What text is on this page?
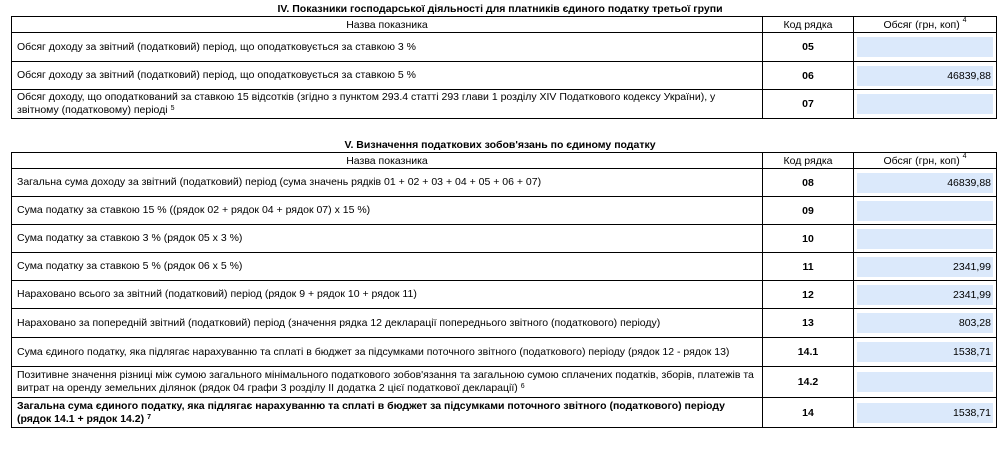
IV. Показники господарської діяльності для платників єдиного податку третьої групи
Назва показника	Код рядка	Обсяг (грн, коп) $^4$
Обсяг доходу за звітний (податковий) період, що оподатковується за ставкою 3 %	05	

Обсяг доходу за звітний (податковий) період, що оподатковується за ставкою 5 %	06	46839,88

Обсяг доходу, що оподаткований за ставкою 15 відсотків (згідно з пунктом 293.4 статті 293 глави 1 розділу XIV Податкового кодексу України), у звітному (податковому) періоді $^5$	07	
V. Визначення податкових зобов'язань по єдиному податку
Назва показника	Код рядка	Обсяг (грн, коп) $^4$
Загальна сума доходу за звітний (податковий) період (сума значень рядків 01 + 02 + 03 + 04 + 05 + 06 + 07)	08	46839,88

Сума податку за ставкою 15 % ((рядок 02 + рядок 04 + рядок 07) х 15 %)	09	

Сума податку за ставкою 3 % (рядок 05 х 3 %)	10	

Сума податку за ставкою 5 % (рядок 06 х 5 %)	11	2341,99

Нараховано всього за звітний (податковий) період (рядок 9 + рядок 10 + рядок 11)	12	2341,99

Нараховано за попередній звітний (податковий) період (значення рядка 12 декларації попереднього звітного (податкового) періоду)	13	803,28

Сума єдиного податку, яка підлягає нарахуванню та сплаті в бюджет за підсумками поточного звітного (податкового) періоду (рядок 12 - рядок 13)	14.1	1538,71

Позитивне значення різниці між сумою загального мінімального податкового зобов'язання та загальною сумою сплачених податків, зборів, платежів та витрат на оренду земельних ділянок (рядок 04 графи 3 розділу II додатка 2 цієї податкової декларації) $^6$	14.2	

Загальна сума єдиного податку, яка підлягає нарахуванню та сплаті в бюджет за підсумками поточного звітного (податкового) періоду (рядок 14.1 + рядок 14.2) $^7$	14	1538,71
